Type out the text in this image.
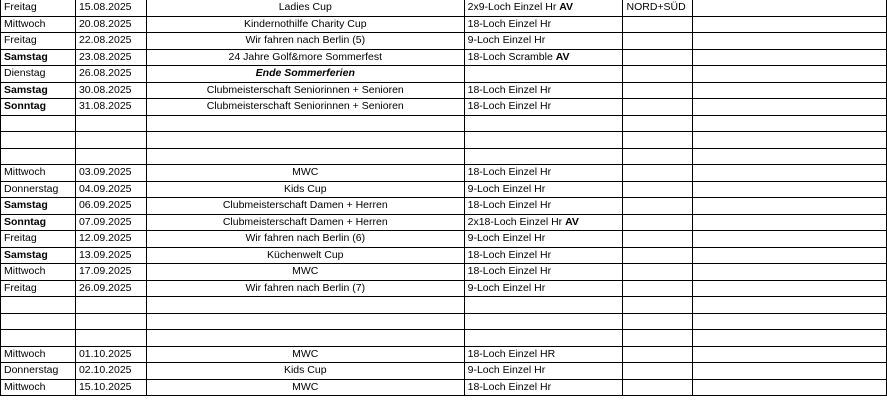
Freitag	15.08.2025	Ladies Cup	2x9-Loch Einzel Hr AV	NORD+SÜD	
Mittwoch	20.08.2025	Kindernothilfe Charity Cup	18-Loch Einzel Hr		
Freitag	22.08.2025	Wir fahren nach Berlin (5)	9-Loch Einzel Hr		
Samstag	23.08.2025	24 Jahre Golf&more Sommerfest	18-Loch Scramble AV		
Dienstag	26.08.2025	Ende Sommerferien			
Samstag	30.08.2025	Clubmeisterschaft Seniorinnen + Senioren	18-Loch Einzel Hr		
Sonntag	31.08.2025	Clubmeisterschaft Seniorinnen + Senioren	18-Loch Einzel Hr		

Mittwoch	03.09.2025	MWC	18-Loch Einzel Hr		
Donnerstag	04.09.2025	Kids Cup	9-Loch Einzel Hr		
Samstag	06.09.2025	Clubmeisterschaft Damen + Herren	18-Loch Einzel Hr		
Sonntag	07.09.2025	Clubmeisterschaft Damen + Herren	2x18-Loch Einzel Hr AV		
Freitag	12.09.2025	Wir fahren nach Berlin (6)	9-Loch Einzel Hr		
Samstag	13.09.2025	Küchenwelt Cup	18-Loch Einzel Hr		
Mittwoch	17.09.2025	MWC	18-Loch Einzel Hr		
Freitag	26.09.2025	Wir fahren nach Berlin (7)	9-Loch Einzel Hr		

Mittwoch	01.10.2025	MWC	18-Loch Einzel HR		
Donnerstag	02.10.2025	Kids Cup	9-Loch Einzel Hr		
Mittwoch	15.10.2025	MWC	18-Loch Einzel Hr		
